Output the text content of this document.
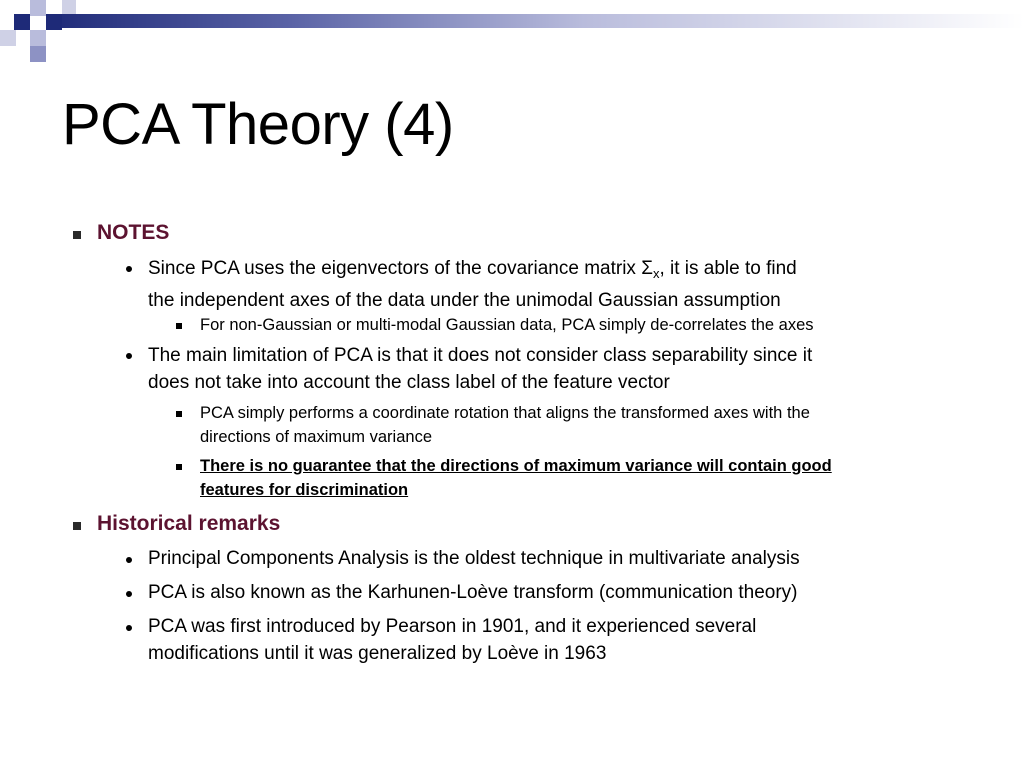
PCA Theory (4)
NOTES
Since PCA uses the eigenvectors of the covariance matrix $\Sigma_x$, it is able to find
the independent axes of the data under the unimodal Gaussian assumption
For non-Gaussian or multi-modal Gaussian data, PCA simply de-correlates the axes
The main limitation of PCA is that it does not consider class separability since it
does not take into account the class label of the feature vector
PCA simply performs a coordinate rotation that aligns the transformed axes with the
directions of maximum variance
There is no guarantee that the directions of maximum variance will contain good
features for discrimination
Historical remarks
Principal Components Analysis is the oldest technique in multivariate analysis
PCA is also known as the Karhunen-Loève transform (communication theory)
PCA was first introduced by Pearson in 1901, and it experienced several
modifications until it was generalized by Loève in 1963
